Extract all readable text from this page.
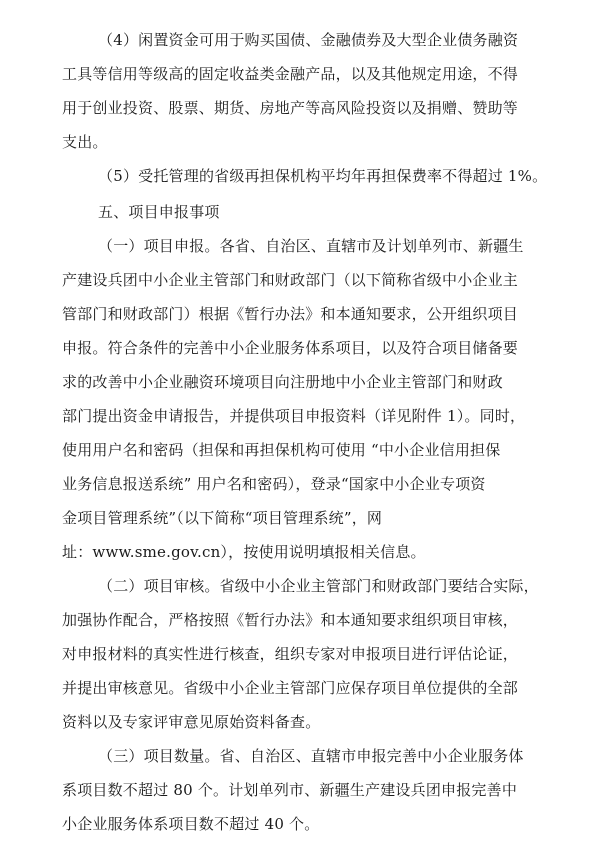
（4）闲置资金可用于购买国债、金融债券及大型企业债务融资
工具等信用等级高的固定收益类金融产品，以及其他规定用途，不得
用于创业投资、股票、期货、房地产等高风险投资以及捐赠、赞助等
支出。
（5）受托管理的省级再担保机构平均年再担保费率不得超过 1%。
五、项目申报事项
（一）项目申报。各省、自治区、直辖市及计划单列市、新疆生
产建设兵团中小企业主管部门和财政部门（以下简称省级中小企业主
管部门和财政部门）根据《暂行办法》和本通知要求，公开组织项目
申报。符合条件的完善中小企业服务体系项目，以及符合项目储备要
求的改善中小企业融资环境项目向注册地中小企业主管部门和财政
部门提出资金申请报告，并提供项目申报资料（详见附件 1）。同时，
使用用户名和密码（担保和再担保机构可使用 “中小企业信用担保
业务信息报送系统” 用户名和密码），登录“国家中小企业专项资
金项目管理系统”（以下简称“项目管理系统”，网
址：www.sme.gov.cn），按使用说明填报相关信息。
（二）项目审核。省级中小企业主管部门和财政部门要结合实际，
加强协作配合，严格按照《暂行办法》和本通知要求组织项目审核，
对申报材料的真实性进行核查，组织专家对申报项目进行评估论证，
并提出审核意见。省级中小企业主管部门应保存项目单位提供的全部
资料以及专家评审意见原始资料备查。
（三）项目数量。省、自治区、直辖市申报完善中小企业服务体
系项目数不超过 80 个。计划单列市、新疆生产建设兵团申报完善中
小企业服务体系项目数不超过 40 个。
